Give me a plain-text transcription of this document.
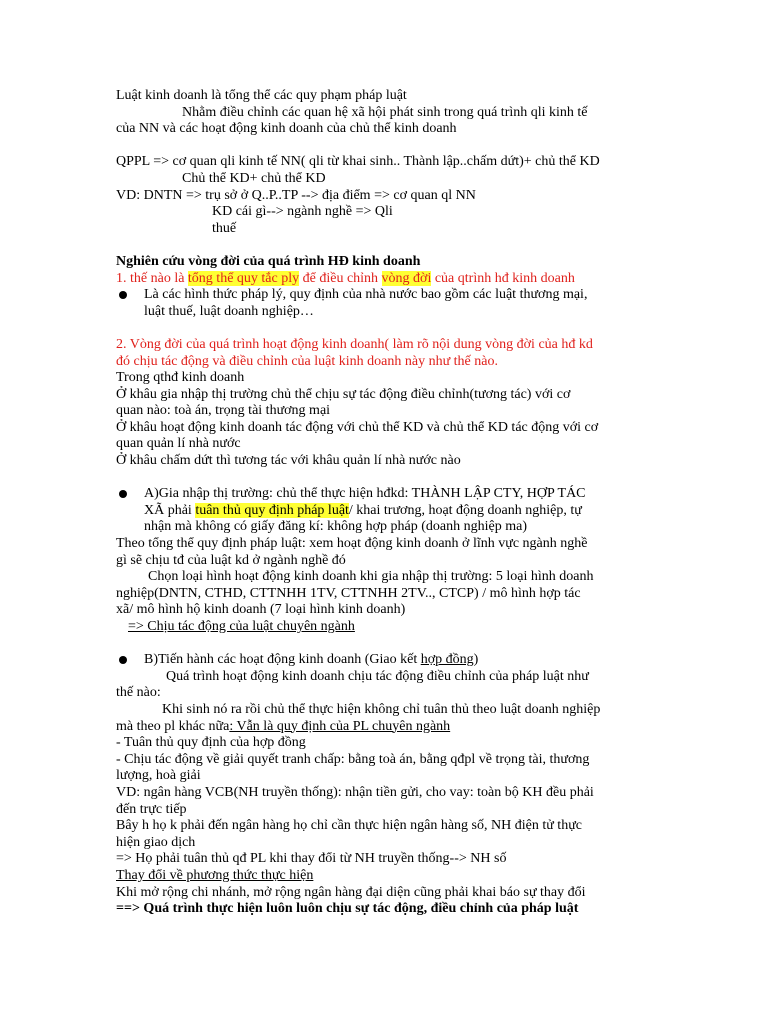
Luật kinh doanh là tổng thể các quy phạm pháp luật
Nhằm điều chỉnh các quan hệ xã hội phát sinh trong quá trình qli kinh tế
của NN và các hoạt động kinh doanh của chủ thể kinh doanh
QPPL => cơ quan qli kinh tế NN( qli từ khai sinh.. Thành lập..chấm dứt)+ chủ thể KD
Chủ thể KD+ chủ thể KD
VD: DNTN => trụ sở ở Q..P..TP --> địa điểm => cơ quan ql NN
KD cái gì--> ngành nghề => Qli
thuế
Nghiên cứu vòng đời của quá trình HĐ kinh doanh
1. thế nào là tổng thể quy tắc ply để điều chỉnh vòng đời của qtrình hđ kinh doanh
Là các hình thức pháp lý, quy định của nhà nước bao gồm các luật thương mại,
luật thuế, luật doanh nghiệp…
2. Vòng đời của quá trình hoạt động kinh doanh( làm rõ nội dung vòng đời của hđ kd
đó chịu tác động và điều chỉnh của luật kinh doanh này như thế nào.
Trong qthđ kinh doanh
Ở khâu gia nhập thị trường chủ thể chịu sự tác động điều chỉnh(tương tác) với cơ
quan nào: toà án, trọng tài thương mại
Ở khâu hoạt động kinh doanh tác động với chủ thể KD và chủ thể KD tác động với cơ
quan quản lí nhà nước
Ở khâu chấm dứt thì tương tác với khâu quản lí nhà nước nào
A)Gia nhập thị trường: chủ thể thực hiện hđkd: THÀNH LẬP CTY, HỢP TÁC
XÃ phải tuân thủ quy định pháp luật/ khai trương, hoạt động doanh nghiệp, tự
nhận mà không có giấy đăng kí: không hợp pháp (doanh nghiệp ma)
Theo tổng thể quy định pháp luật: xem hoạt động kinh doanh ở lĩnh vực ngành nghề
gì sẽ chịu tđ của luật kd ở ngành nghề đó
Chọn loại hình hoạt động kinh doanh khi gia nhập thị trường: 5 loại hình doanh
nghiệp(DNTN, CTHD, CTTNHH 1TV, CTTNHH 2TV.., CTCP) / mô hình hợp tác
xã/ mô hình hộ kinh doanh (7 loại hình kinh doanh)
=> Chịu tác động của luật chuyên ngành
B)Tiến hành các hoạt động kinh doanh (Giao kết hợp đồng)
Quá trình hoạt động kinh doanh chịu tác động điều chỉnh của pháp luật như
thế nào:
Khi sinh nó ra rồi chủ thể thực hiện không chỉ tuân thủ theo luật doanh nghiệp
mà theo pl khác nữa: Vẫn là quy định của PL chuyên ngành
- Tuân thủ quy định của hợp đồng
- Chịu tác động về giải quyết tranh chấp: bằng toà án, bằng qđpl về trọng tài, thương
lượng, hoà giải
VD: ngân hàng VCB(NH truyền thống): nhận tiền gửi, cho vay: toàn bộ KH đều phải
đến trực tiếp
Bây h họ k phải đến ngân hàng họ chỉ cần thực hiện ngân hàng số, NH điện tử thực
hiện giao dịch
=> Họ phải tuân thủ qđ PL khi thay đổi từ NH truyền thống--> NH số
Thay đổi về phương thức thực hiện
Khi mở rộng chi nhánh, mở rộng ngân hàng đại diện cũng phải khai báo sự thay đổi
==> Quá trình thực hiện luôn luôn chịu sự tác động, điều chỉnh của pháp luật
